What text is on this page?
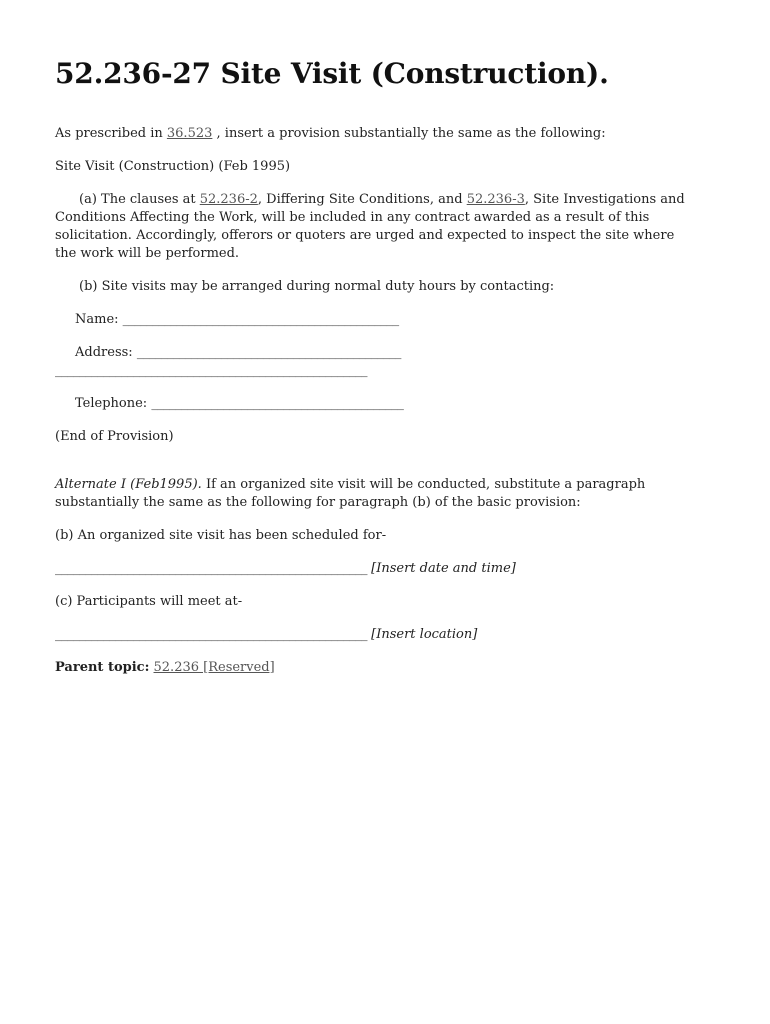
52.236-27 Site Visit (Construction).

As prescribed in 36.523 , insert a provision substantially the same as the following:

Site Visit (Construction) (Feb 1995)

(a) The clauses at 52.236-2, Differing Site Conditions, and 52.236-3, Site Investigations and Conditions Affecting the Work, will be included in any contract awarded as a result of this solicitation. Accordingly, offerors or quoters are urged and expected to inspect the site where the work will be performed.

(b) Site visits may be arranged during normal duty hours by contacting:

Name: ______________________________________________

Address: ____________________________________________
____________________________________________________

Telephone: __________________________________________

(End of Provision)

Alternate I (Feb1995). If an organized site visit will be conducted, substitute a paragraph substantially the same as the following for paragraph (b) of the basic provision:

(b) An organized site visit has been scheduled for-

____________________________________________________ [Insert date and time]

(c) Participants will meet at-

____________________________________________________ [Insert location]

Parent topic: 52.236 [Reserved]
